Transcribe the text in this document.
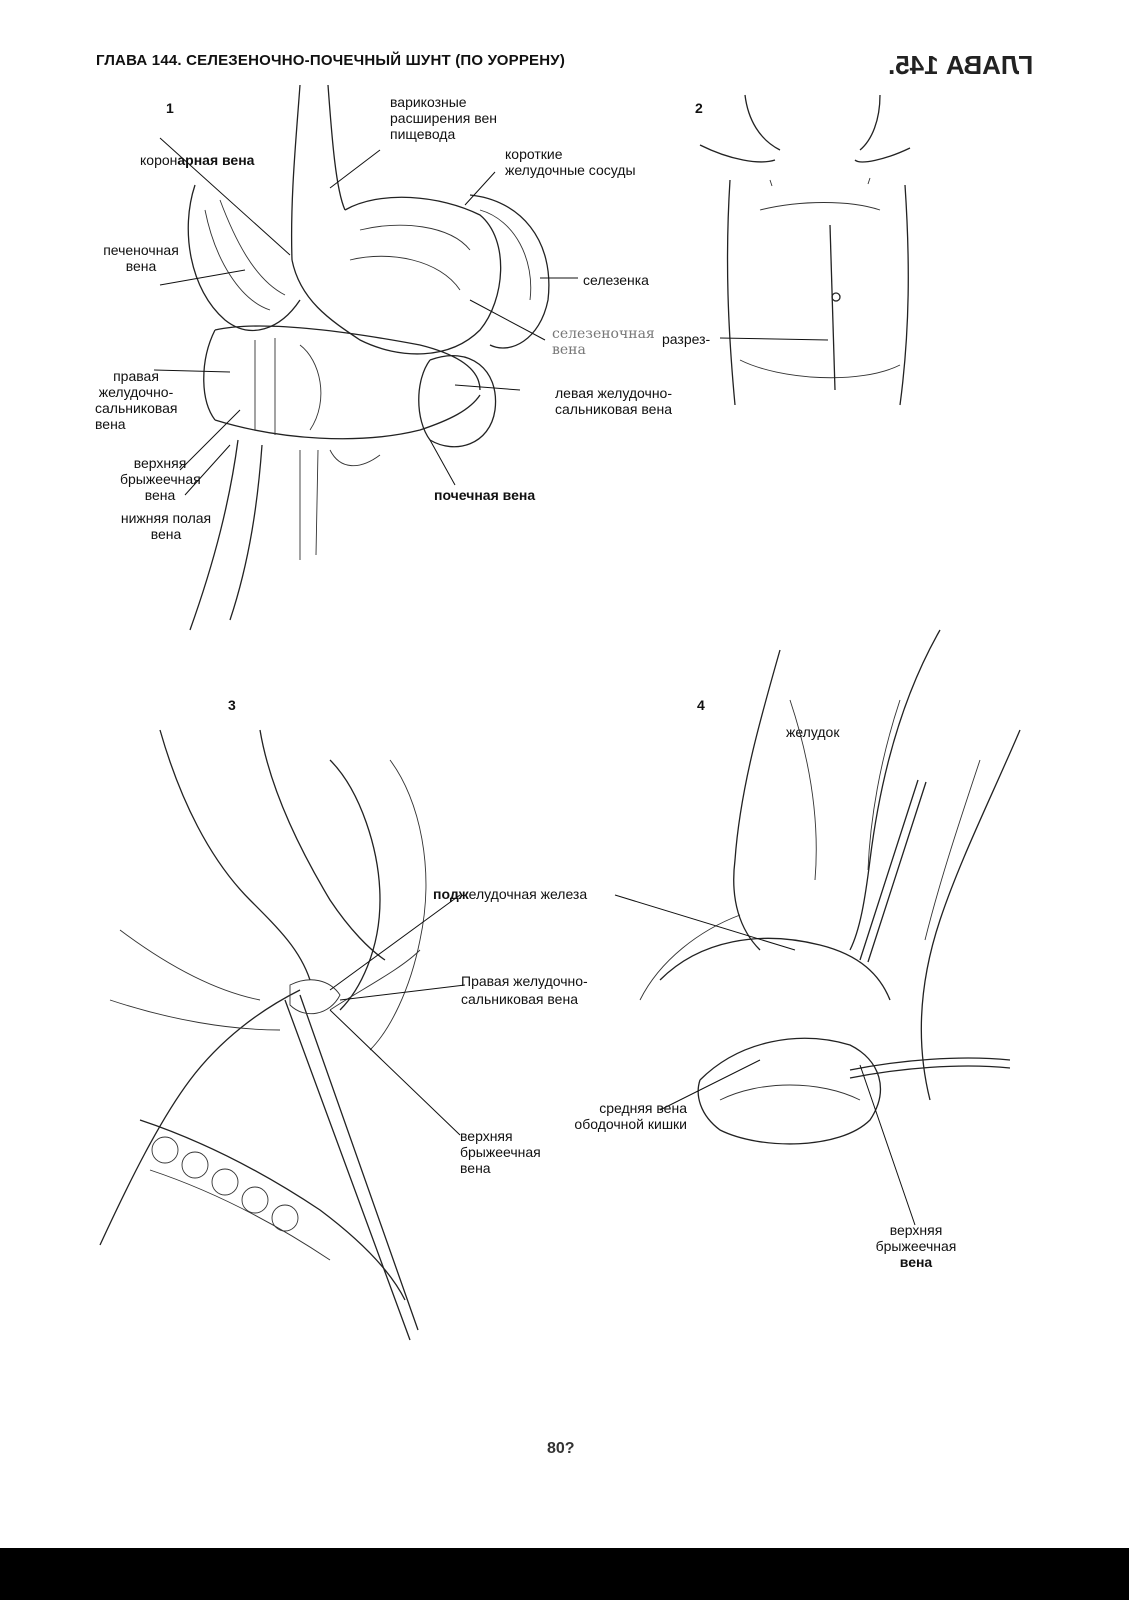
ГЛАВА 144. СЕЛЕЗЕНОЧНО-ПОЧЕЧНЫЙ ШУНТ (ПО УОРРЕНУ)	ГЛАВА 145.
1	2
3	4
варикозные
расширения вен
пищевода
коронарная вена	короткие
желудочные сосуды
печеночная
вена
селезенка
селезеночная
вена
правая
желудочно-
сальниковая
вена
левая желудочно-
сальниковая вена
верхняя
брыжеечная
вена
нижняя полая
вена
почечная вена
разрез-
поджелудочная железа
Правая желудочно-
сальниковая вена
верхняя
брыжеечная
вена
желудок
средняя вена
ободочной кишки
верхняя
брыжеечная
вена
80?
